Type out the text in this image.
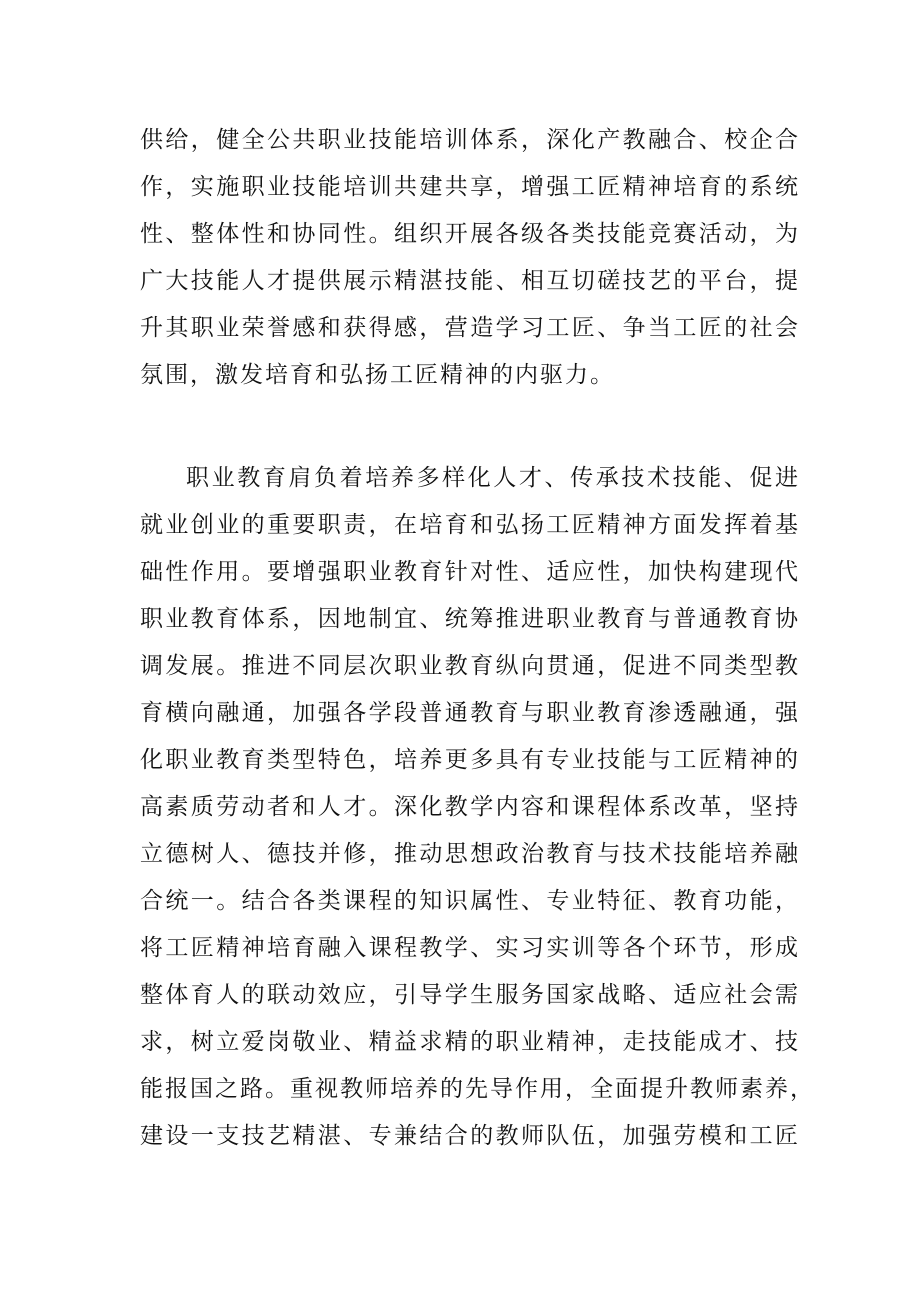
供给，健全公共职业技能培训体系，深化产教融合、校企合
作，实施职业技能培训共建共享，增强工匠精神培育的系统
性、整体性和协同性。组织开展各级各类技能竞赛活动，为
广大技能人才提供展示精湛技能、相互切磋技艺的平台，提
升其职业荣誉感和获得感，营造学习工匠、争当工匠的社会
氛围，激发培育和弘扬工匠精神的内驱力。
职业教育肩负着培养多样化人才、传承技术技能、促进
就业创业的重要职责，在培育和弘扬工匠精神方面发挥着基
础性作用。要增强职业教育针对性、适应性，加快构建现代
职业教育体系，因地制宜、统筹推进职业教育与普通教育协
调发展。推进不同层次职业教育纵向贯通，促进不同类型教
育横向融通，加强各学段普通教育与职业教育渗透融通，强
化职业教育类型特色，培养更多具有专业技能与工匠精神的
高素质劳动者和人才。深化教学内容和课程体系改革，坚持
立德树人、德技并修，推动思想政治教育与技术技能培养融
合统一。结合各类课程的知识属性、专业特征、教育功能，
将工匠精神培育融入课程教学、实习实训等各个环节，形成
整体育人的联动效应，引导学生服务国家战略、适应社会需
求，树立爱岗敬业、精益求精的职业精神，走技能成才、技
能报国之路。重视教师培养的先导作用，全面提升教师素养，
建设一支技艺精湛、专兼结合的教师队伍，加强劳模和工匠
